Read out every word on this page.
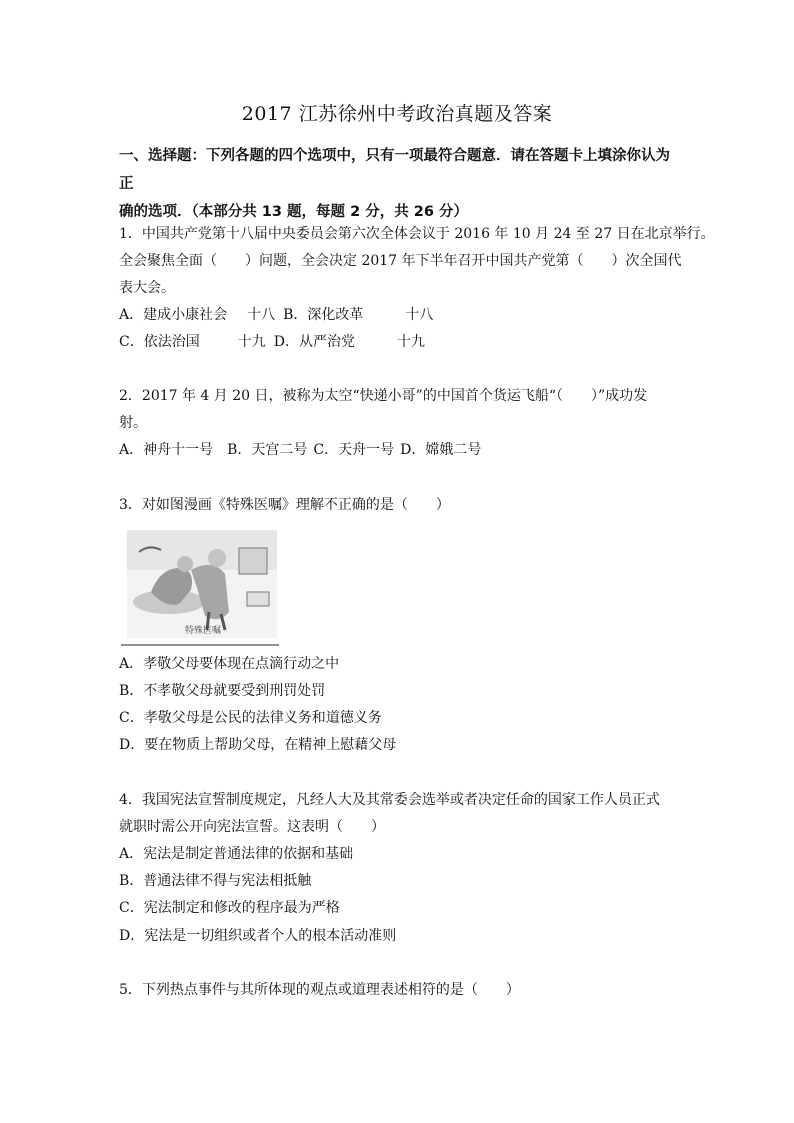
2017 江苏徐州中考政治真题及答案
一、选择题：下列各题的四个选项中，只有一项最符合题意．请在答题卡上填涂你认为正
确的选项．（本部分共 13 题，每题 2 分，共 26 分）
1．中国共产党第十八届中央委员会第六次全体会议于 2016 年 10 月 24 至 27 日在北京举行。
全会聚焦全面（　　）问题，全会决定 2017 年下半年召开中国共产党第（　　）次全国代
表大会。
A．建成小康社会 十八 B．深化改革	十八
C．依法治国	十九 D．从严治党	十九
2．2017 年 4 月 20 日，被称为太空“快递小哥”的中国首个货运飞船“（　　）”成功发
射。
A．神舟十一号 B．天宫二号 C．天舟一号 D．嫦娥二号
3．对如图漫画《特殊医嘱》理解不正确的是（　　）
特殊医嘱
A．孝敬父母要体现在点滴行动之中
B．不孝敬父母就要受到刑罚处罚
C．孝敬父母是公民的法律义务和道德义务
D．要在物质上帮助父母，在精神上慰藉父母
4．我国宪法宣誓制度规定，凡经人大及其常委会选举或者决定任命的国家工作人员正式
就职时需公开向宪法宣誓。这表明（　　）
A．宪法是制定普通法律的依据和基础
B．普通法律不得与宪法相抵触
C．宪法制定和修改的程序最为严格
D．宪法是一切组织或者个人的根本活动准则
5．下列热点事件与其所体现的观点或道理表述相符的是（　　）
